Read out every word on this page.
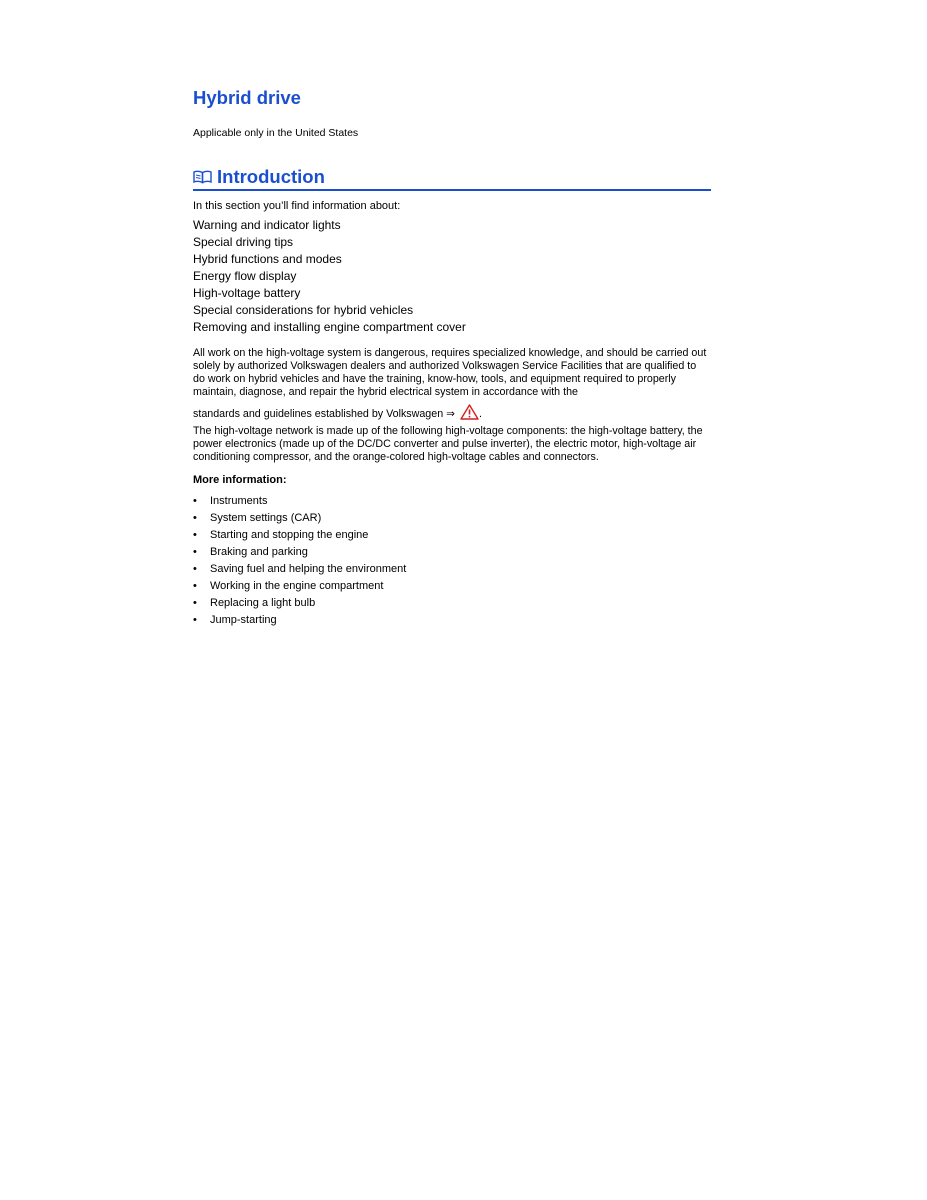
Hybrid drive
Applicable only in the United States
Introduction
In this section you’ll find information about:
Warning and indicator lights
Special driving tips
Hybrid functions and modes
Energy flow display
High-voltage battery
Special considerations for hybrid vehicles
Removing and installing engine compartment cover

All work on the high-voltage system is dangerous, requires specialized knowledge, and should be carried out solely by authorized Volkswagen dealers and authorized Volkswagen Service Facilities that are qualified to do work on hybrid vehicles and have the training, know-how, tools, and equipment required to properly maintain, diagnose, and repair the hybrid electrical system in accordance with the
standards and guidelines established by Volkswagen ⇒ .

The high-voltage network is made up of the following high-voltage components: the high-voltage battery, the power electronics (made up of the DC/DC converter and pulse inverter), the electric motor, high-voltage air conditioning compressor, and the orange-colored high-voltage cables and connectors.

More information:
•	Instruments
•	System settings (CAR)
•	Starting and stopping the engine
•	Braking and parking
•	Saving fuel and helping the environment
•	Working in the engine compartment
•	Replacing a light bulb
•	Jump-starting
